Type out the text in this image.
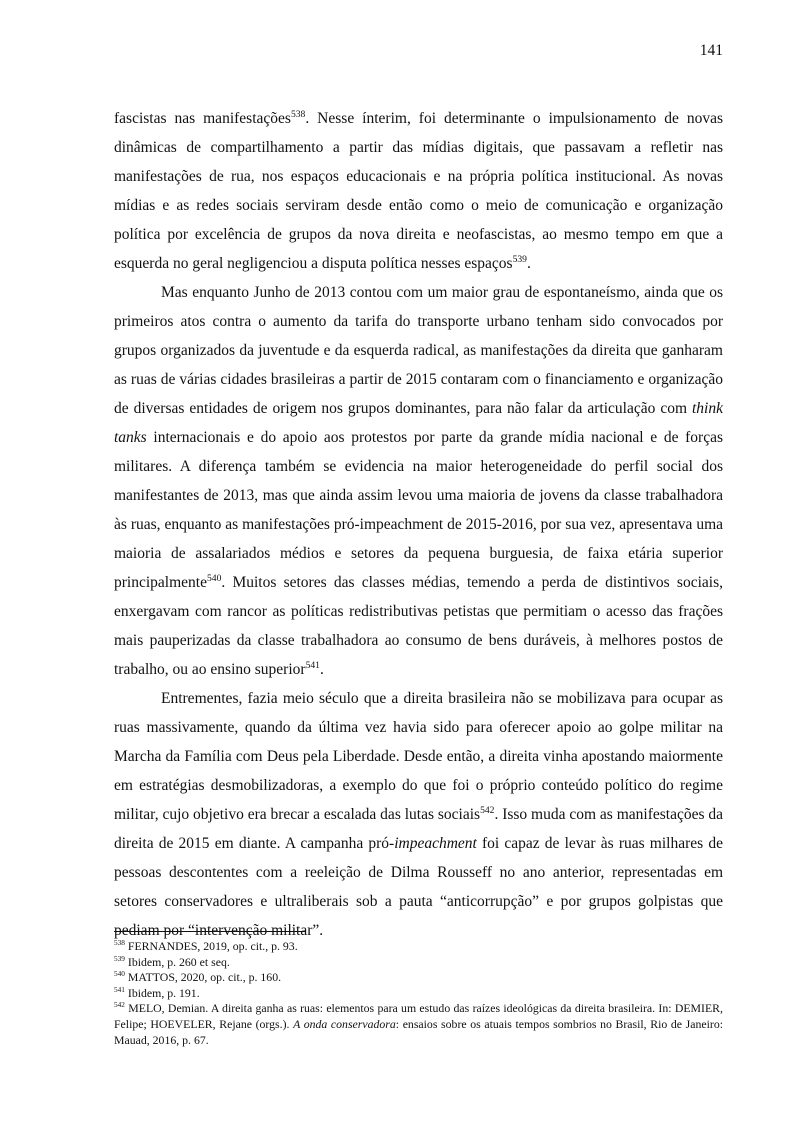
141

fascistas nas manifestações$^{538}$. Nesse ínterim, foi determinante o impulsionamento de novas dinâmicas de compartilhamento a partir das mídias digitais, que passavam a refletir nas manifestações de rua, nos espaços educacionais e na própria política institucional. As novas mídias e as redes sociais serviram desde então como o meio de comunicação e organização política por excelência de grupos da nova direita e neofascistas, ao mesmo tempo em que a esquerda no geral negligenciou a disputa política nesses espaços$^{539}$.

Mas enquanto Junho de 2013 contou com um maior grau de espontaneísmo, ainda que os primeiros atos contra o aumento da tarifa do transporte urbano tenham sido convocados por grupos organizados da juventude e da esquerda radical, as manifestações da direita que ganharam as ruas de várias cidades brasileiras a partir de 2015 contaram com o financiamento e organização de diversas entidades de origem nos grupos dominantes, para não falar da articulação com think tanks internacionais e do apoio aos protestos por parte da grande mídia nacional e de forças militares. A diferença também se evidencia na maior heterogeneidade do perfil social dos manifestantes de 2013, mas que ainda assim levou uma maioria de jovens da classe trabalhadora às ruas, enquanto as manifestações pró-impeachment de 2015-2016, por sua vez, apresentava uma maioria de assalariados médios e setores da pequena burguesia, de faixa etária superior principalmente$^{540}$. Muitos setores das classes médias, temendo a perda de distintivos sociais, enxergavam com rancor as políticas redistributivas petistas que permitiam o acesso das frações mais pauperizadas da classe trabalhadora ao consumo de bens duráveis, à melhores postos de trabalho, ou ao ensino superior$^{541}$.

Entrementes, fazia meio século que a direita brasileira não se mobilizava para ocupar as ruas massivamente, quando da última vez havia sido para oferecer apoio ao golpe militar na Marcha da Família com Deus pela Liberdade. Desde então, a direita vinha apostando maiormente em estratégias desmobilizadoras, a exemplo do que foi o próprio conteúdo político do regime militar, cujo objetivo era brecar a escalada das lutas sociais$^{542}$. Isso muda com as manifestações da direita de 2015 em diante. A campanha pró-impeachment foi capaz de levar às ruas milhares de pessoas descontentes com a reeleição de Dilma Rousseff no ano anterior, representadas em setores conservadores e ultraliberais sob a pauta “anticorrupção” e por grupos golpistas que pediam por “intervenção militar”.

$^{538}$ FERNANDES, 2019, op. cit., p. 93.
$^{539}$ Ibidem, p. 260 et seq.
$^{540}$ MATTOS, 2020, op. cit., p. 160.
$^{541}$ Ibidem, p. 191.
$^{542}$ MELO, Demian. A direita ganha as ruas: elementos para um estudo das raízes ideológicas da direita brasileira. In: DEMIER, Felipe; HOEVELER, Rejane (orgs.). A onda conservadora: ensaios sobre os atuais tempos sombrios no Brasil, Rio de Janeiro: Mauad, 2016, p. 67.
